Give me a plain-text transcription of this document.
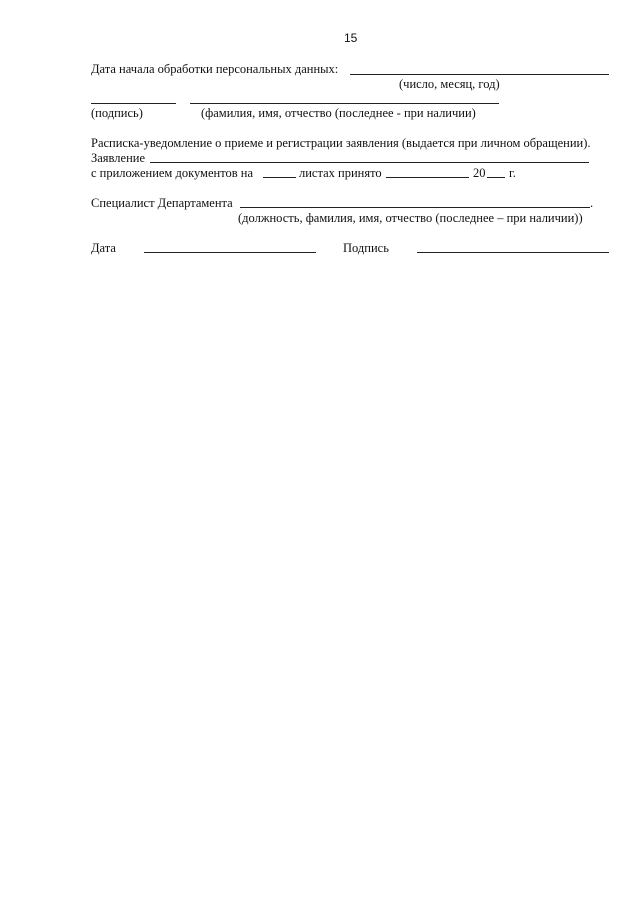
15
Дата начала обработки персональных данных:
(число, месяц, год)
(подпись)	(фамилия, имя, отчество (последнее - при наличии)
Расписка-уведомление о приеме и регистрации заявления (выдается при личном обращении).
Заявление
с приложением документов на	листах принято	20 г.
Специалист Департамента	.
(должность, фамилия, имя, отчество (последнее – при наличии))
Дата	Подпись
